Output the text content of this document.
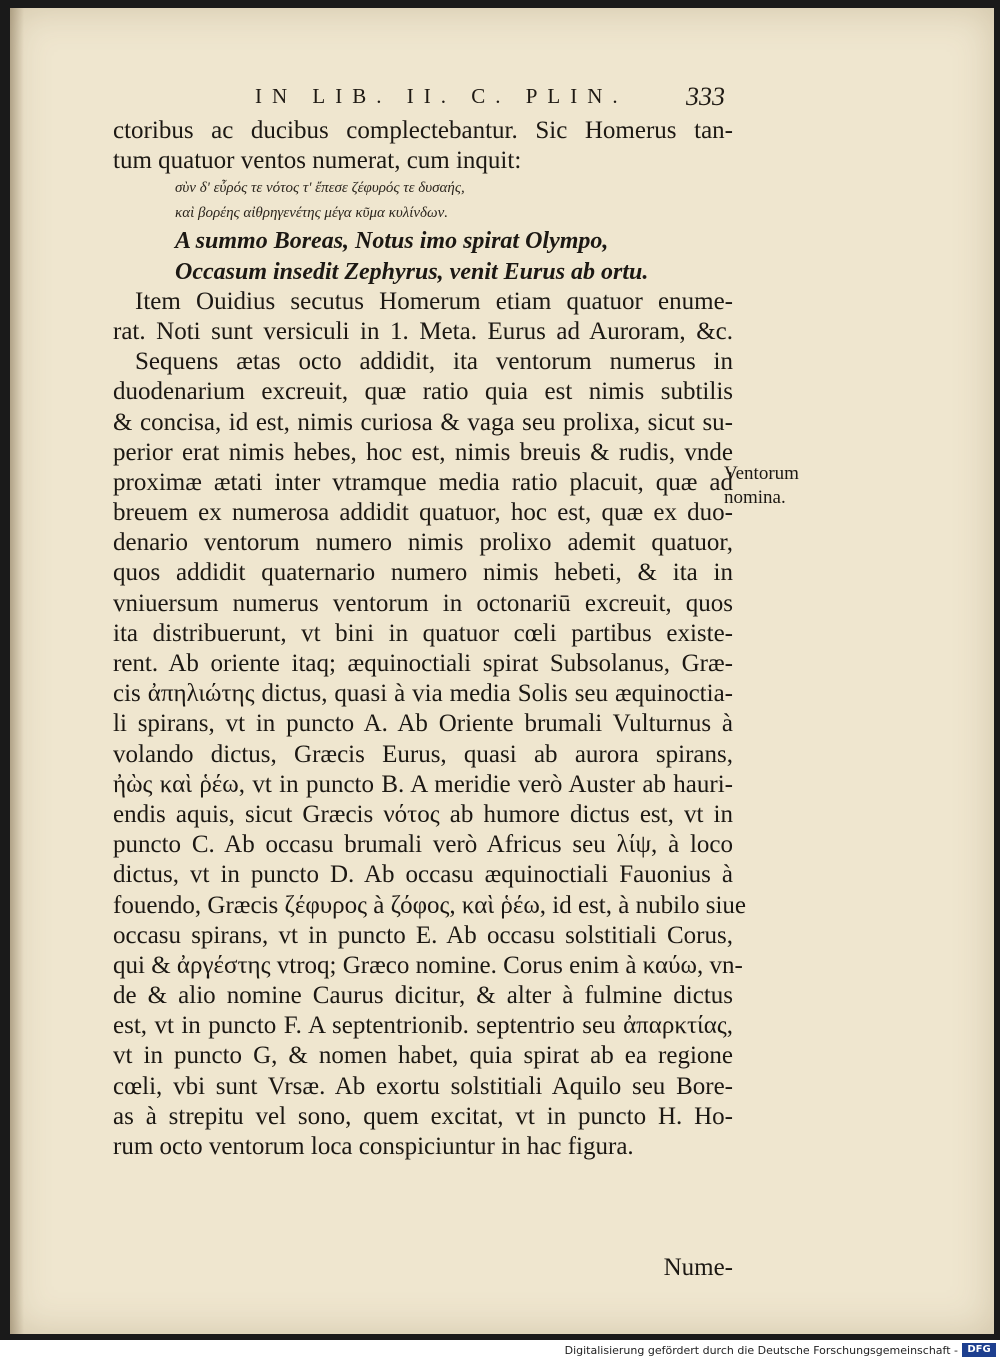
IN LIB. II. C. PLIN. 333
ctoribus ac ducibus complectebantur. Sic Homerus tan-
tum quatuor ventos numerat, cum inquit:
σὺν δ' εὖρός τε νότος τ' ἔπεσε ζέφυρός τε δυσαής,
καὶ βορέης αἰθρηγενέτης μέγα κῦμα κυλίνδων.
A summo Boreas, Notus imo spirat Olympo,
Occasum insedit Zephyrus, venit Eurus ab ortu.
Item Ouidius secutus Homerum etiam quatuor enume-
rat. Noti sunt versiculi in 1. Meta. Eurus ad Auroram, &c.
Sequens ætas octo addidit, ita ventorum numerus in
duodenarium excreuit, quæ ratio quia est nimis subtilis
& concisa, id est, nimis curiosa & vaga seu prolixa, sicut su-
perior erat nimis hebes, hoc est, nimis breuis & rudis, vnde
proximæ ætati inter vtramque media ratio placuit, quæ ad
breuem ex numerosa addidit quatuor, hoc est, quæ ex duo-
denario ventorum numero nimis prolixo ademit quatuor,
quos addidit quaternario numero nimis hebeti, & ita in
vniuersum numerus ventorum in octonariū excreuit, quos
ita distribuerunt, vt bini in quatuor cœli partibus existe-
rent. Ab oriente itaq; æquinoctiali spirat Subsolanus, Græ-
cis ἀπηλιώτης dictus, quasi à via media Solis seu æquinoctia-
li spirans, vt in puncto A. Ab Oriente brumali Vulturnus à
volando dictus, Græcis Eurus, quasi ab aurora spirans,
ἠὼς καὶ ῥέω, vt in puncto B. A meridie verò Auster ab hauri-
endis aquis, sicut Græcis νότος ab humore dictus est, vt in
puncto C. Ab occasu brumali verò Africus seu λίψ, à loco
dictus, vt in puncto D. Ab occasu æquinoctiali Fauonius à
fouendo, Græcis ζέφυρος à ζόφος, καὶ ῥέω, id est, à nubilo siue
occasu spirans, vt in puncto E. Ab occasu solstitiali Corus,
qui & ἀργέστης vtroq; Græco nomine. Corus enim à καύω, vn-
de & alio nomine Caurus dicitur, & alter à fulmine dictus
est, vt in puncto F. A septentrionib. septentrio seu ἀπαρκτίας,
vt in puncto G, & nomen habet, quia spirat ab ea regione
cœli, vbi sunt Vrsæ. Ab exortu solstitiali Aquilo seu Bore-
as à strepitu vel sono, quem excitat, vt in puncto H. Ho-
rum octo ventorum loca conspiciuntur in hac figura.
Nume-
Ventorum
nomina.
Digitalisierung gefördert durch die Deutsche Forschungsgemeinschaft - DFG
